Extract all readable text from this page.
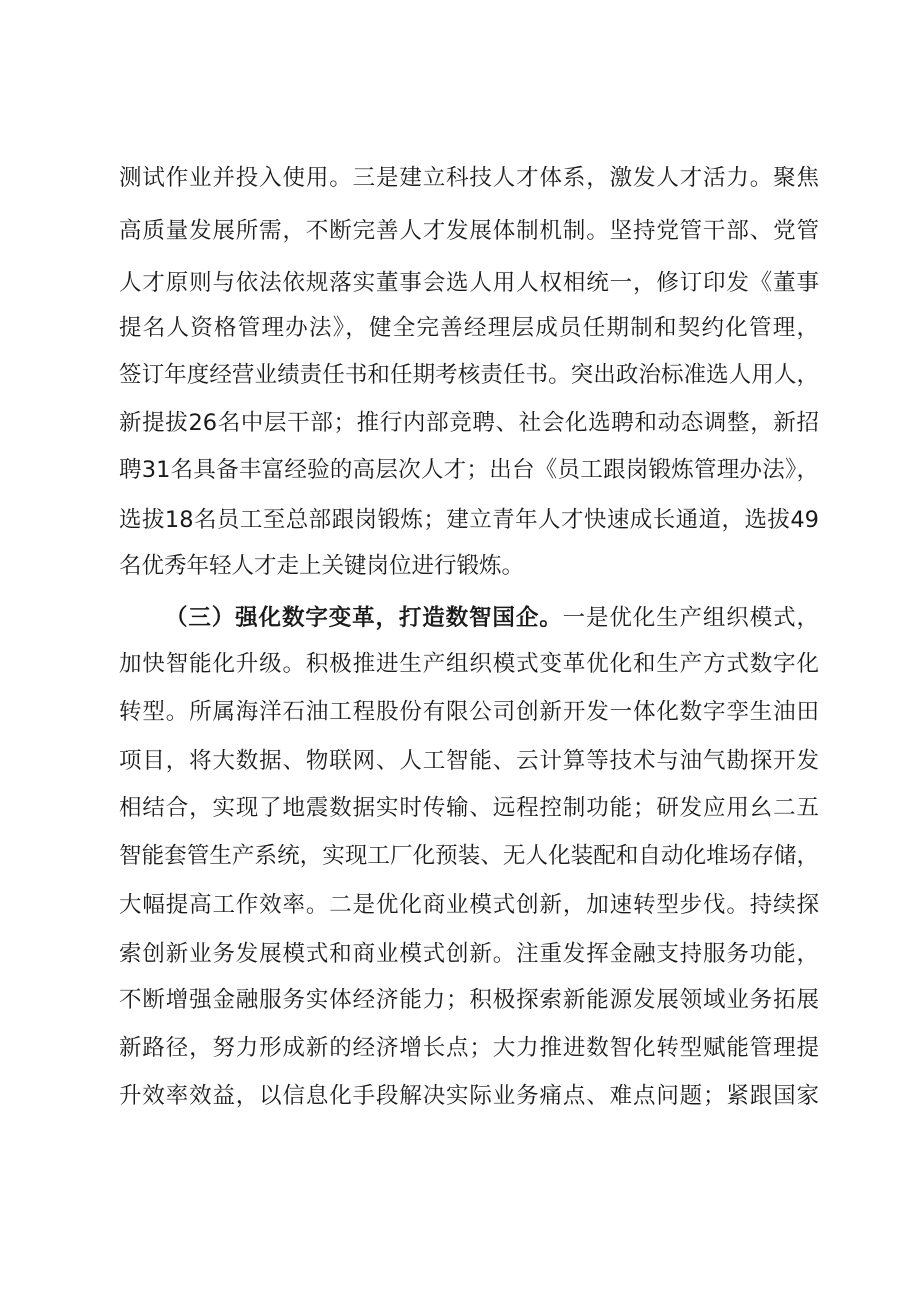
测试作业并投入使用。三是建立科技人才体系，激发人才活力。聚焦
高质量发展所需，不断完善人才发展体制机制。坚持党管干部、党管
人才原则与依法依规落实董事会选人用人权相统一，修订印发《董事
提名人资格管理办法》，健全完善经理层成员任期制和契约化管理，
签订年度经营业绩责任书和任期考核责任书。突出政治标准选人用人，
新提拔26名中层干部；推行内部竞聘、社会化选聘和动态调整，新招
聘31名具备丰富经验的高层次人才；出台《员工跟岗锻炼管理办法》，
选拔18名员工至总部跟岗锻炼；建立青年人才快速成长通道，选拔49
名优秀年轻人才走上关键岗位进行锻炼。
（三）强化数字变革，打造数智国企。一是优化生产组织模式，
加快智能化升级。积极推进生产组织模式变革优化和生产方式数字化
转型。所属海洋石油工程股份有限公司创新开发一体化数字孪生油田
项目，将大数据、物联网、人工智能、云计算等技术与油气勘探开发
相结合，实现了地震数据实时传输、远程控制功能；研发应用幺二五
智能套管生产系统，实现工厂化预装、无人化装配和自动化堆场存储，
大幅提高工作效率。二是优化商业模式创新，加速转型步伐。持续探
索创新业务发展模式和商业模式创新。注重发挥金融支持服务功能，
不断增强金融服务实体经济能力；积极探索新能源发展领域业务拓展
新路径，努力形成新的经济增长点；大力推进数智化转型赋能管理提
升效率效益，以信息化手段解决实际业务痛点、难点问题；紧跟国家
